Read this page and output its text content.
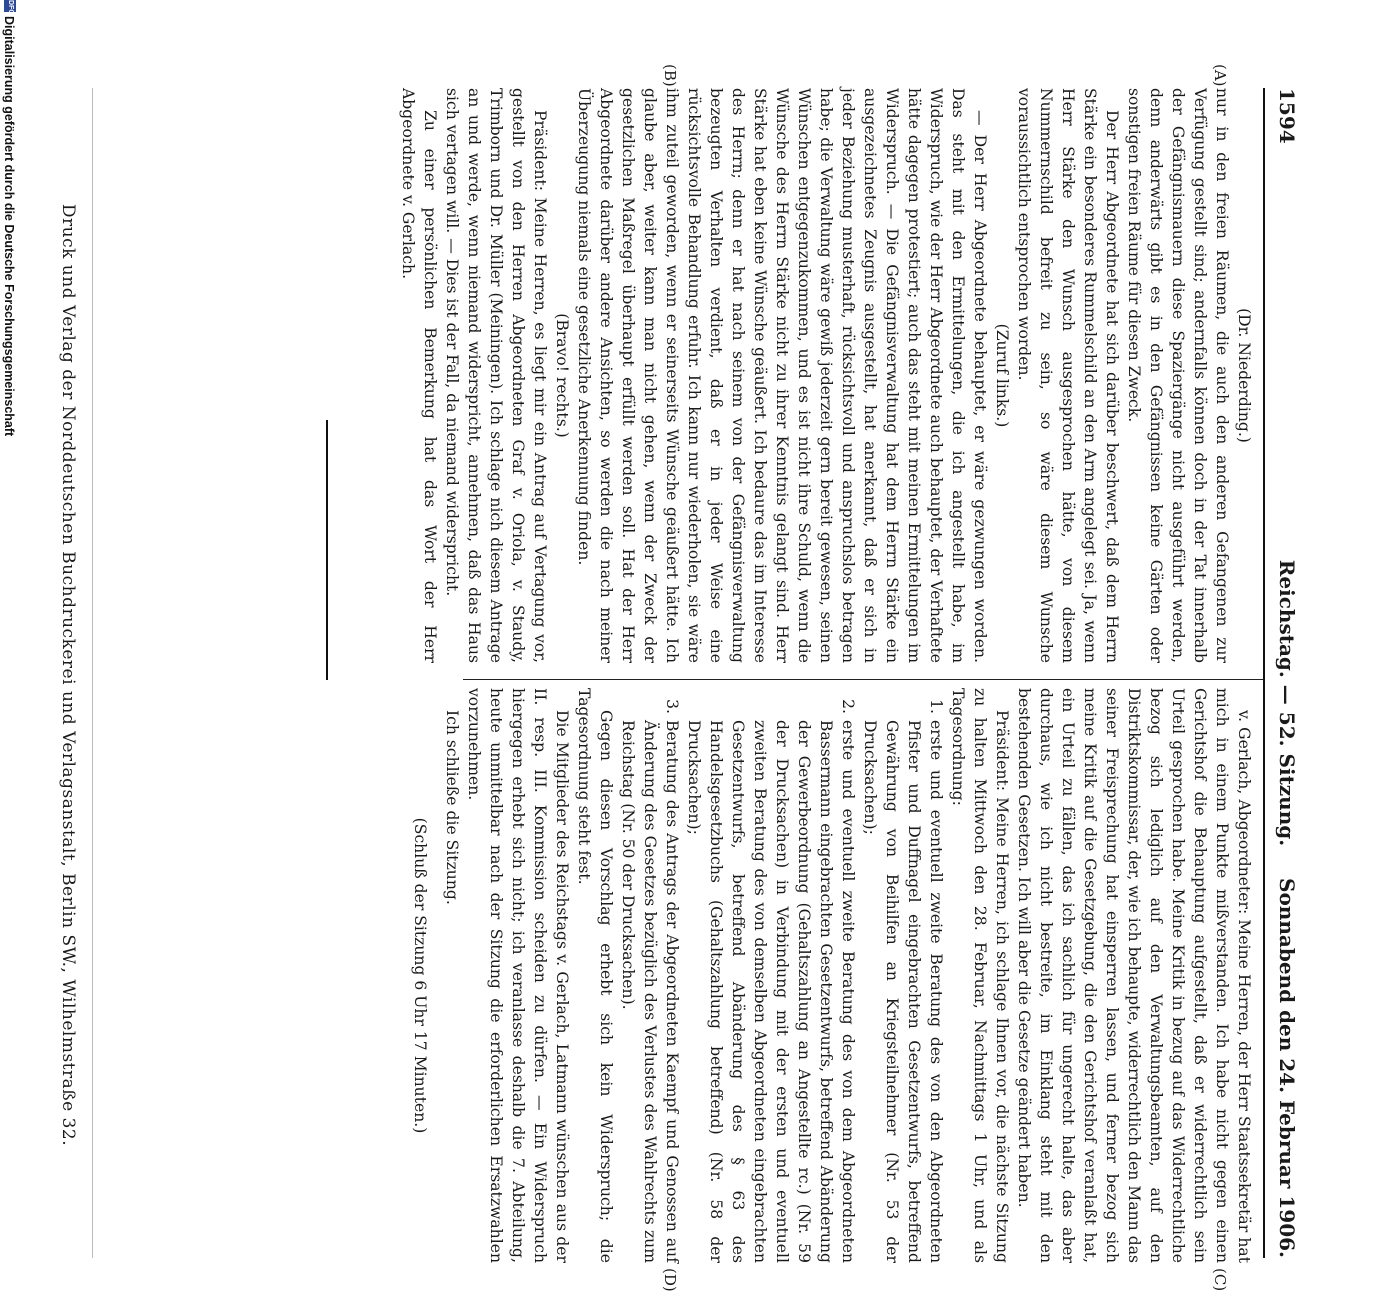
1594
Reichstag. — 52. Sitzung.
Sonnabend den 24. Februar 1906.
(A)
(B)
(C)
(D)

(Dr. Niederding.)

nur in den freien Räumen, die auch den anderen Gefangenen zur Verfügung gestellt sind; andernfalls können doch in der Tat innerhalb der Gefängnismauern diese Spaziergänge nicht ausgeführt werden, denn anderwärts gibt es in den Gefängnissen keine Gärten oder sonstigen freien Räume für diesen Zweck.

Der Herr Abgeordnete hat sich darüber beschwert, daß dem Herrn Stärke ein besonderes Rummelschild an den Arm angelegt sei. Ja, wenn Herr Stärke den Wunsch ausgesprochen hätte, von diesem Nummernschild befreit zu sein, so wäre diesem Wunsche voraussichtlich entsprochen worden.

(Zuruf links.)

— Der Herr Abgeordnete behauptet, er wäre gezwungen worden. Das steht mit den Ermittelungen, die ich angestellt habe, im Widerspruch, wie der Herr Abgeordnete auch behauptet, der Verhaftete hätte dagegen protestiert; auch das steht mit meinen Ermittelungen im Widerspruch. — Die Gefängnisverwaltung hat dem Herrn Stärke ein ausgezeichnetes Zeugnis ausgestellt, hat anerkannt, daß er sich in jeder Beziehung musterhaft, rücksichtsvoll und anspruchslos betragen habe; die Verwaltung wäre gewiß jederzeit gern bereit gewesen, seinen Wünschen entgegenzukommen, und es ist nicht ihre Schuld, wenn die Wünsche des Herrn Stärke nicht zu ihrer Kenntnis gelangt sind. Herr Stärke hat eben keine Wünsche geäußert. Ich bedaure das im Interesse des Herrn; denn er hat nach seinem von der Gefängnisverwaltung bezeugten Verhalten verdient, daß er in jeder Weise eine rücksichtsvolle Behandlung erfuhr. Ich kann nur wiederholen, sie wäre ihm zuteil geworden, wenn er seinerseits Wünsche geäußert hätte. Ich glaube aber, weiter kann man nicht gehen, wenn der Zweck der gesetzlichen Maßregel überhaupt erfüllt werden soll. Hat der Herr Abgeordnete darüber andere Ansichten, so werden die nach meiner Überzeugung niemals eine gesetzliche Anerkennung finden.

(Bravo! rechts.)

Präsident: Meine Herren, es liegt mir ein Antrag auf Vertagung vor, gestellt von den Herren Abgeordneten Graf v. Oriola, v. Staudy, Trimborn und Dr. Müller (Meiningen). Ich schlage nich diesem Antrage an und werde, wenn niemand widerspricht, annehmen, daß das Haus sich vertagen will. — Dies ist der Fall, da niemand widerspricht.

Zu einer persönlichen Bemerkung hat das Wort der Herr Abgeordnete v. Gerlach.

v. Gerlach, Abgeordneter: Meine Herren, der Herr Staatssekretär hat mich in einem Punkte mißverstanden. Ich habe nicht gegen einen Gerichtshof die Behauptung aufgestellt, daß er widerrechtlich sein Urteil gesprochen habe. Meine Kritik in bezug auf das Widerrechtliche bezog sich lediglich auf den Verwaltungsbeamten, auf den Distriktskommissar, der, wie ich behaupte, widerrechtlich den Mann das seiner Freisprechung hat einsperren lassen, und ferner bezog sich meine Kritik auf die Gesetzgebung, die den Gerichtshof veranlaßt hat, ein Urteil zu fällen, das ich sachlich für ungerecht halte, das aber durchaus, wie ich nicht bestreite, im Einklang steht mit den bestehenden Gesetzen. Ich will aber die Gesetze geändert haben.

Präsident: Meine Herren, ich schlage Ihnen vor, die nächste Sitzung zu halten Mittwoch den 28. Februar, Nachmittags 1 Uhr, und als Tagesordnung:

1.
erste und eventuell zweite Beratung des von den Abgeordneten Pfister und Duffnagel eingebrachten Gesetzentwurfs, betreffend Gewährung von Beihilfen an Kriegsteilnehmer (Nr. 53 der Drucksachen);
2.
erste und eventuell zweite Beratung des von dem Abgeordneten Bassermann eingebrachten Gesetzentwurfs, betreffend Abänderung der Gewerbeordnung (Gehaltszahlung an Angestellte rc.) (Nr. 59 der Drucksachen) in Verbindung mit der ersten und eventuell zweiten Beratung des von demselben Abgeordneten eingebrachten Gesetzentwurfs, betreffend Abänderung des § 63 des Handelsgesetzbuchs (Gehaltszahlung betreffend) (Nr. 58 der Drucksachen);
3.
Beratung des Antrags der Abgeordneten Kaempf und Genossen auf Änderung des Gesetzes bezüglich des Verlustes des Wahlrechts zum Reichstag (Nr. 50 der Drucksachen).

Gegen diesen Vorschlag erhebt sich kein Widerspruch; die Tagesordnung steht fest.

Die Mitglieder des Reichstags v. Gerlach, Latmann wünschen aus der II. resp. III. Kommission scheiden zu dürfen. — Ein Widerspruch hiergegen erhebt sich nicht; ich veranlasse deshalb die 7. Abteilung, heute unmittelbar nach der Sitzung die erforderlichen Ersatzwahlen vorzunehmen.

Ich schließe die Sitzung.

(Schluß der Sitzung 6 Uhr 17 Minuten.)

Druck und Verlag der Norddeutschen Buchdruckerei und Verlagsanstalt, Berlin SW., Wilhelmstraße 32.
DFG
Digitalisierung gefördert durch die Deutsche Forschungsgemeinschaft
